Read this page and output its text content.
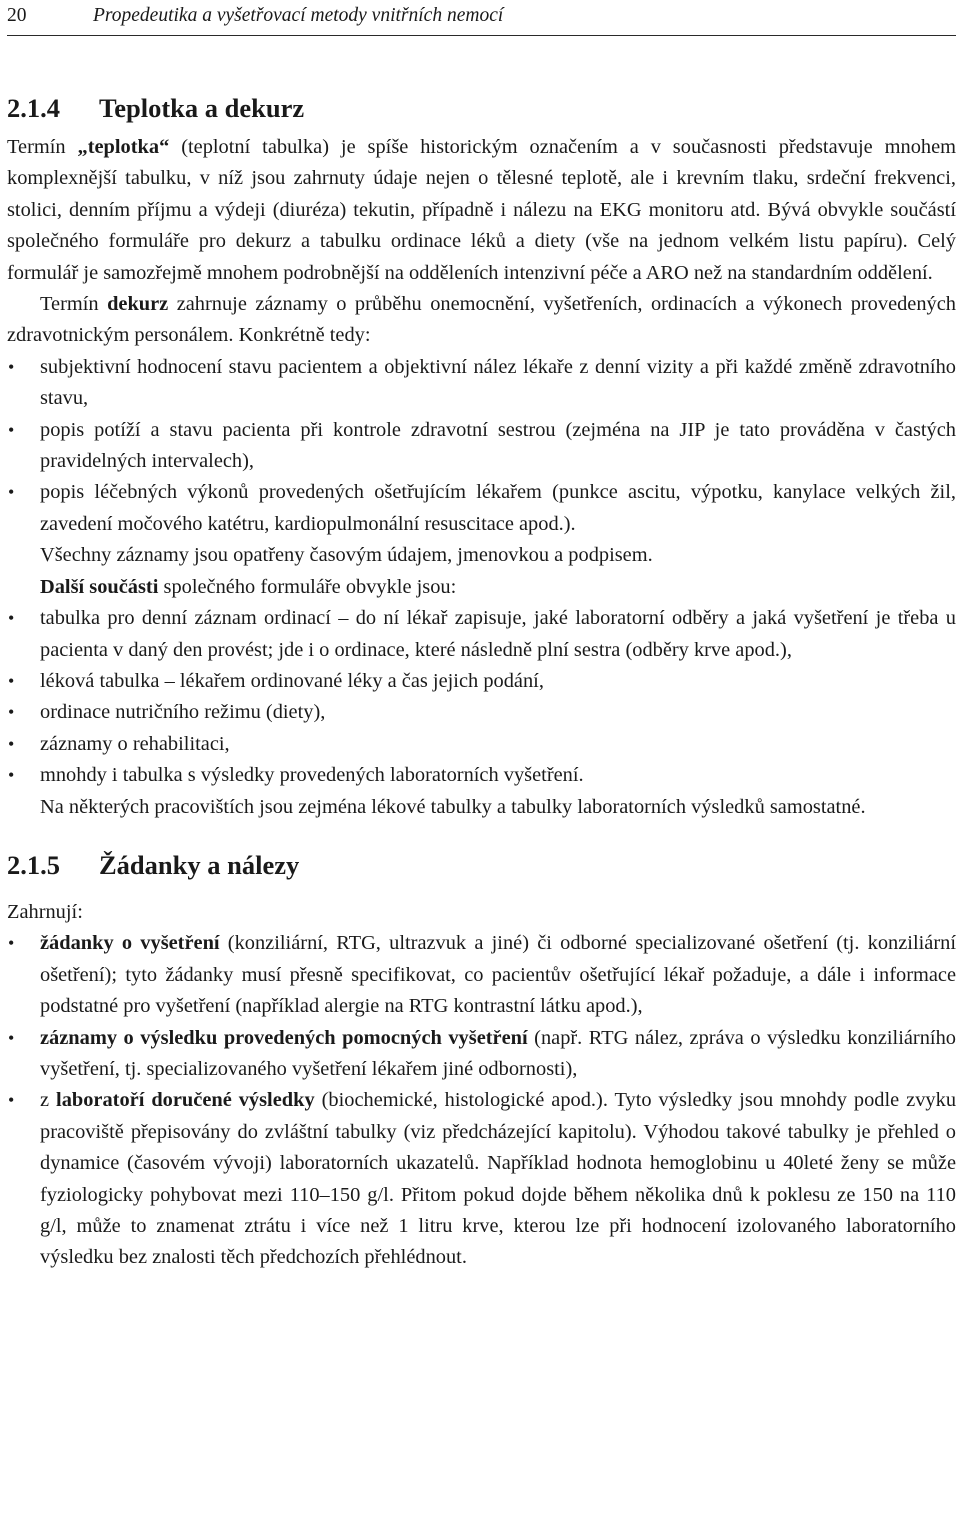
20	Propedeutika a vyšetřovací metody vnitřních nemocí
2.1.4 Teplotka a dekurz

Termín „teplotka“ (teplotní tabulka) je spíše historickým označením a v současnosti představuje mnohem komplexnější tabulku, v níž jsou zahrnuty údaje nejen o tělesné teplotě, ale i krevním tlaku, srdeční frekvenci, stolici, denním příjmu a výdeji (diuréza) tekutin, případně i nálezu na EKG monitoru atd. Bývá obvykle součástí společného formuláře pro dekurz a tabulku ordinace léků a diety (vše na jednom velkém listu papíru). Celý formulář je samozřejmě mnohem podrobnější na odděleních intenzivní péče a ARO než na standardním oddělení.

Termín dekurz zahrnuje záznamy o průběhu onemocnění, vyšetřeních, ordinacích a výkonech provedených zdravotnickým personálem. Konkrétně tedy:

• subjektivní hodnocení stavu pacientem a objektivní nález lékaře z denní vizity a při každé změně zdravotního stavu,
• popis potíží a stavu pacienta při kontrole zdravotní sestrou (zejména na JIP je tato prováděna v častých pravidelných intervalech),
• popis léčebných výkonů provedených ošetřujícím lékařem (punkce ascitu, výpotku, kanylace velkých žil, zavedení močového katétru, kardiopulmonální resuscitace apod.).

Všechny záznamy jsou opatřeny časovým údajem, jmenovkou a podpisem.

Další součásti společného formuláře obvykle jsou:

• tabulka pro denní záznam ordinací – do ní lékař zapisuje, jaké laboratorní odběry a jaká vyšetření je třeba u pacienta v daný den provést; jde i o ordinace, které následně plní sestra (odběry krve apod.),
• léková tabulka – lékařem ordinované léky a čas jejich podání,
• ordinace nutričního režimu (diety),
• záznamy o rehabilitaci,
• mnohdy i tabulka s výsledky provedených laboratorních vyšetření.

Na některých pracovištích jsou zejména lékové tabulky a tabulky laboratorních výsledků samostatné.

2.1.5 Žádanky a nálezy

Zahrnují:

• žádanky o vyšetření (konziliární, RTG, ultrazvuk a jiné) či odborné specializované ošetření (tj. konziliární ošetření); tyto žádanky musí přesně specifikovat, co pacientův ošetřující lékař požaduje, a dále i informace podstatné pro vyšetření (například alergie na RTG kontrastní látku apod.),
• záznamy o výsledku provedených pomocných vyšetření (např. RTG nález, zpráva o výsledku konziliárního vyšetření, tj. specializovaného vyšetření lékařem jiné odbornosti),
• z laboratoří doručené výsledky (biochemické, histologické apod.). Tyto výsledky jsou mnohdy podle zvyku pracoviště přepisovány do zvláštní tabulky (viz předcházející kapitolu). Výhodou takové tabulky je přehled o dynamice (časovém vývoji) laboratorních ukazatelů. Například hodnota hemoglobinu u 40leté ženy se může fyziologicky pohybovat mezi 110–150 g/l. Přitom pokud dojde během několika dnů k poklesu ze 150 na 110 g/l, může to znamenat ztrátu i více než 1 litru krve, kterou lze při hodnocení izolovaného laboratorního výsledku bez znalosti těch předchozích přehlédnout.
